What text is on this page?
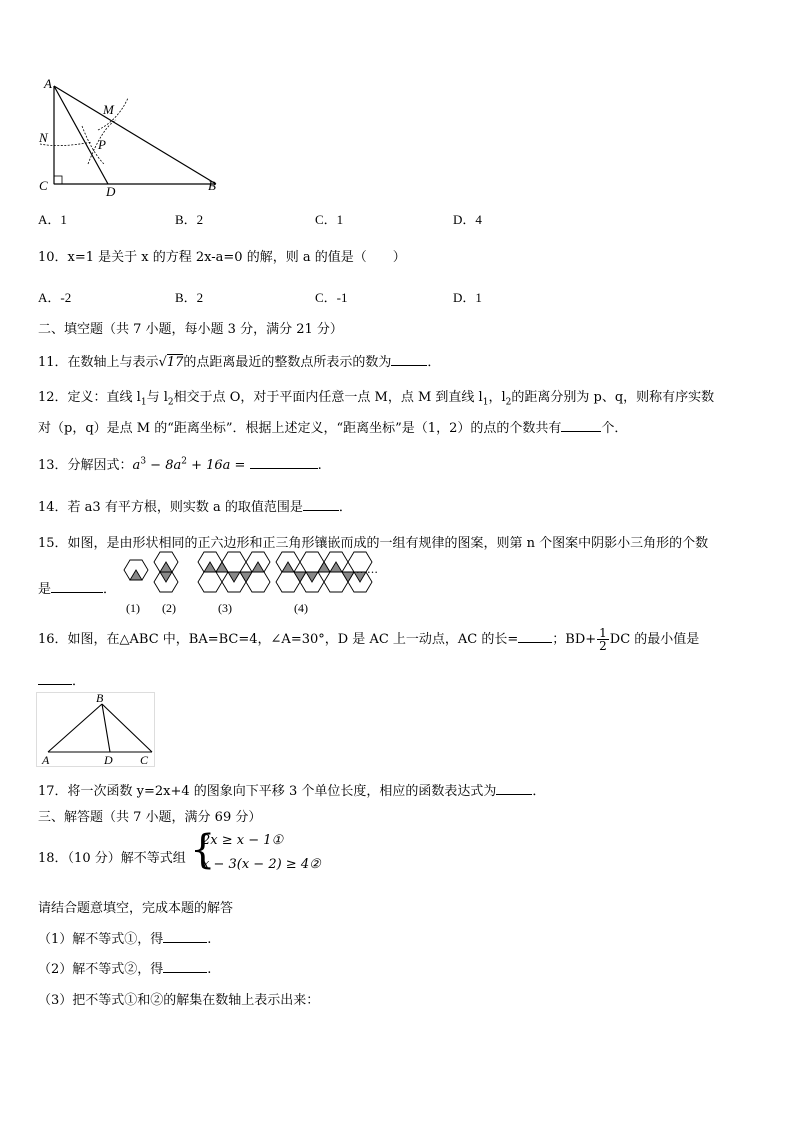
A
M
N	P
C	D	B
A．1	B．2	C．1	D．4
10．x=1 是关于 x 的方程 2x-a=0 的解，则 a 的值是（　　）
A．-2	B．2	C．-1	D．1
二、填空题（共 7 小题，每小题 3 分，满分 21 分）
11．在数轴上与表示√17的点距离最近的整数点所表示的数为	．
12．定义：直线 $l_1$与 $l_2$相交于点 O，对于平面内任意一点 M，点 M 到直线 $l_1$，$l_2$的距离分别为 p、q，则称有序实数
对（p，q）是点 M 的“距离坐标”．根据上述定义，“距离坐标”是（1，2）的点的个数共有	个．
13．分解因式：$a^3 - 8a^2 + 16a$ =	.
14．若 a3 有平方根，则实数 a 的取值范围是	．
15．如图，是由形状相同的正六边形和正三角形镶嵌而成的一组有规律的图案，则第 n 个图案中阴影小三角形的个数
是	．
(1) (2)	(3)	(4)
……
16．如图，在△ABC 中，BA=BC=4，∠A=30°，D 是 AC 上一动点，AC 的长=	；$BD+ \frac{1}{2}$ DC 的最小值是
．
B
A	D C
17．将一次函数 y=2x+4 的图象向下平移 3 个单位长度，相应的函数表达式为	．
三、解答题（共 7 小题，满分 69 分）
18．（10 分）解不等式组 {
2x ≥ x − 1①
x − 3(x − 2) ≥ 4②
请结合题意填空，完成本题的解答
（1）解不等式①，得	.
（2）解不等式②，得	.
（3）把不等式①和②的解集在数轴上表示出来：
